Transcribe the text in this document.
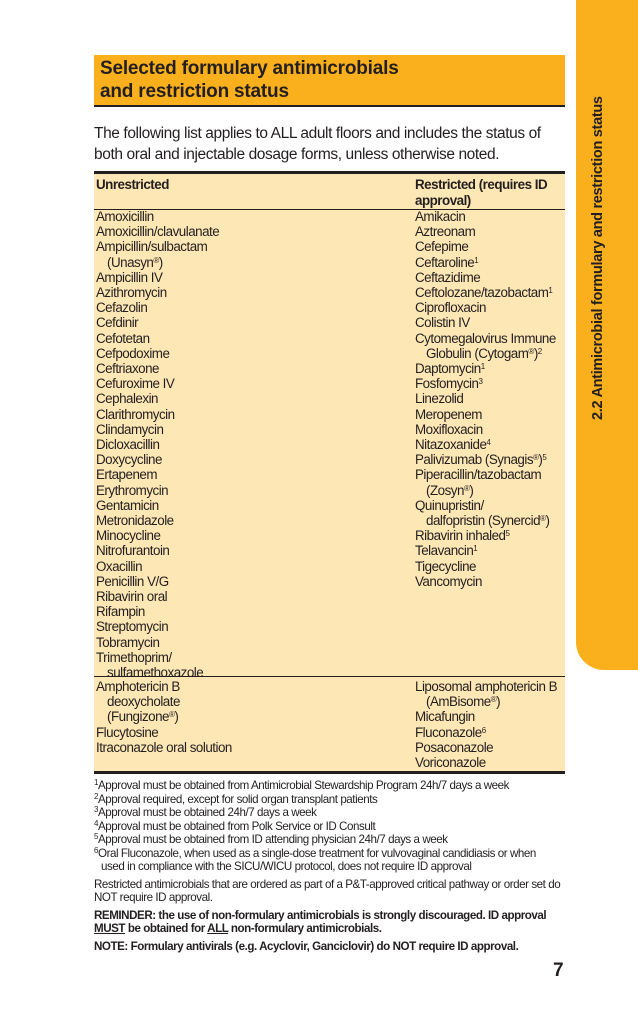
2.2 Antimicrobial formulary and restriction status
Selected formulary antimicrobials
and restriction status
The following list applies to ALL adult floors and includes the status of both oral and injectable dosage forms, unless otherwise noted.
Unrestricted
Amoxicillin
Amoxicillin/clavulanate
Ampicillin/sulbactam
(Unasyn®)
Ampicillin IV
Azithromycin
Cefazolin
Cefdinir
Cefotetan
Cefpodoxime
Ceftriaxone
Cefuroxime IV
Cephalexin
Clarithromycin
Clindamycin
Dicloxacillin
Doxycycline
Ertapenem
Erythromycin
Gentamicin
Metronidazole
Minocycline
Nitrofurantoin
Oxacillin
Penicillin V/G
Ribavirin oral
Rifampin
Streptomycin
Tobramycin
Trimethoprim/
sulfamethoxazole
Amphotericin B
deoxycholate
(Fungizone®)
Flucytosine
Itraconazole oral solution
Restricted (requires ID approval)
Amikacin
Aztreonam
Cefepime
Ceftaroline$^1$
Ceftazidime
Ceftolozane/tazobactam$^1$
Ciprofloxacin
Colistin IV
Cytomegalovirus Immune
Globulin (Cytogam®)$^2$
Daptomycin$^1$
Fosfomycin$^3$
Linezolid
Meropenem
Moxifloxacin
Nitazoxanide$^4$
Palivizumab (Synagis®)$^5$
Piperacillin/tazobactam
(Zosyn®)
Quinupristin/
dalfopristin (Synercid®)
Ribavirin inhaled$^5$
Telavancin$^1$
Tigecycline
Vancomycin
Liposomal amphotericin B
(AmBisome®)
Micafungin
Fluconazole$^6$
Posaconazole
Voriconazole
$^1$Approval must be obtained from Antimicrobial Stewardship Program 24h/7 days a week
$^2$Approval required, except for solid organ transplant patients
$^3$Approval must be obtained 24h/7 days a week
$^4$Approval must be obtained from Polk Service or ID Consult
$^5$Approval must be obtained from ID attending physician 24h/7 days a week
$^6$Oral Fluconazole, when used as a single-dose treatment for vulvovaginal candidiasis or when
used in compliance with the SICU/WICU protocol, does not require ID approval
Restricted antimicrobials that are ordered as part of a P&T-approved critical pathway or order set do NOT require ID approval.
REMINDER: the use of non-formulary antimicrobials is strongly discouraged. ID approval MUST be obtained for ALL non-formulary antimicrobials.
NOTE: Formulary antivirals (e.g. Acyclovir, Ganciclovir) do NOT require ID approval.
7
